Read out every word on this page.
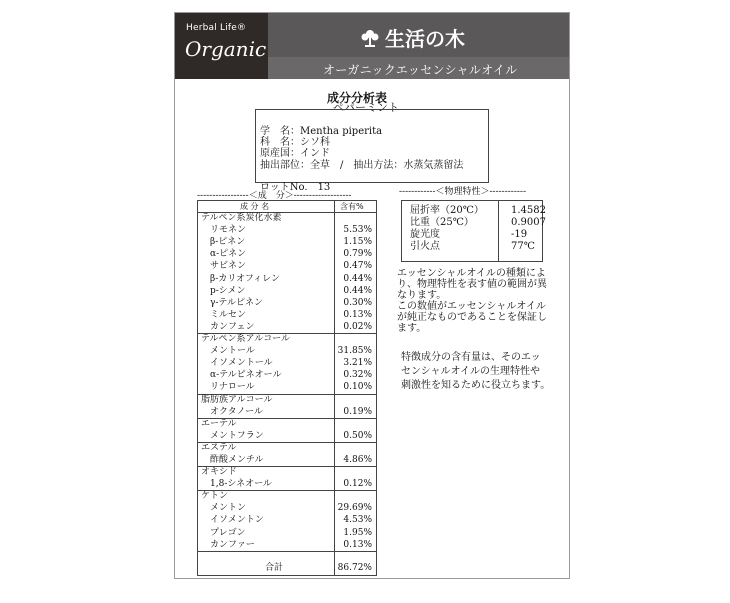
Herbal Life®
Organic	生活の木
オーガニックエッセンシャルオイル
成分分析表
ペパーミント
学　名：Mentha piperita
科　名：シソ科
原産国：インド
抽出部位：全草　/　抽出方法：水蒸気蒸留法
ロットNo.　13
-----------------＜成　分＞-------------------
成 分 名	含有%
テルペン系炭化水素
リモネン	5.53%
β-ピネン	1.15%
α-ピネン	0.79%
サビネン	0.47%
β-カリオフィレン	0.44%
p-シメン	0.44%
γ-テルピネン	0.30%
ミルセン	0.13%
カンフェン	0.02%
テルペン系アルコール
メントール	31.85%
イソメントール	3.21%
α-テルピネオール	0.32%
リナロール	0.10%
脂肪族アルコール
オクタノール	0.19%
エーテル
メントフラン	0.50%
エステル
酢酸メンチル	4.86%
オキシド
1,8-シネオール	0.12%
ケトン
メントン	29.69%
イソメントン	4.53%
プレゴン	1.95%
カンファー	0.13%
合計	86.72%
------------＜物理特性＞------------
屈折率（20℃）	1.4582
比重（25℃）	0.9007
旋光度	-19
引火点	77℃
エッセンシャルオイルの種類によ
り、物理特性を表す値の範囲が異
なります。
この数値がエッセンシャルオイル
が純正なものであることを保証し
ます。
特徴成分の含有量は、そのエッ
センシャルオイルの生理特性や
刺激性を知るために役立ちます。
